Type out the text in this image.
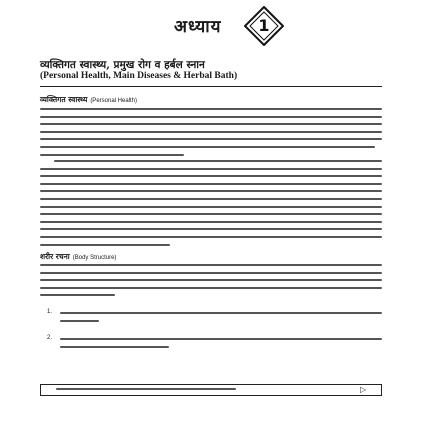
अध्याय	1
व्यक्तिगत स्वास्थ्य, प्रमुख रोग व हर्बल स्नान
(Personal Health, Main Diseases & Herbal Bath)
व्यक्तिगत स्वास्थ्य (Personal Health)
शरीर रचना (Body Structure)
1.
2.
▷
